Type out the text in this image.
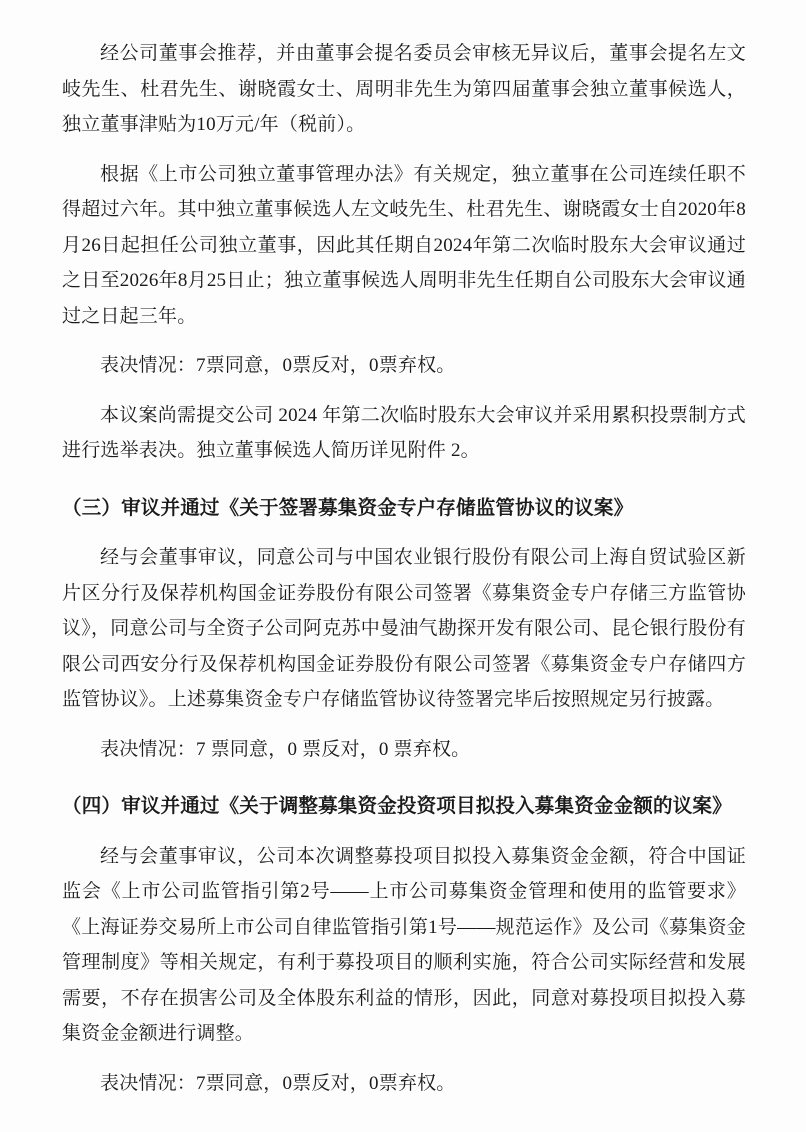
经公司董事会推荐，并由董事会提名委员会审核无异议后，董事会提名左文岐先生、杜君先生、谢晓霞女士、周明非先生为第四届董事会独立董事候选人，独立董事津贴为10万元/年（税前）。

根据《上市公司独立董事管理办法》有关规定，独立董事在公司连续任职不得超过六年。其中独立董事候选人左文岐先生、杜君先生、谢晓霞女士自2020年8月26日起担任公司独立董事，因此其任期自2024年第二次临时股东大会审议通过之日至2026年8月25日止；独立董事候选人周明非先生任期自公司股东大会审议通过之日起三年。

表决情况：7票同意，0票反对，0票弃权。

本议案尚需提交公司 2024 年第二次临时股东大会审议并采用累积投票制方式进行选举表决。独立董事候选人简历详见附件 2。

（三）审议并通过《关于签署募集资金专户存储监管协议的议案》

经与会董事审议，同意公司与中国农业银行股份有限公司上海自贸试验区新片区分行及保荐机构国金证券股份有限公司签署《募集资金专户存储三方监管协议》，同意公司与全资子公司阿克苏中曼油气勘探开发有限公司、昆仑银行股份有限公司西安分行及保荐机构国金证券股份有限公司签署《募集资金专户存储四方监管协议》。上述募集资金专户存储监管协议待签署完毕后按照规定另行披露。

表决情况：7 票同意，0 票反对，0 票弃权。

（四）审议并通过《关于调整募集资金投资项目拟投入募集资金金额的议案》

经与会董事审议，公司本次调整募投项目拟投入募集资金金额，符合中国证监会《上市公司监管指引第2号——上市公司募集资金管理和使用的监管要求》《上海证券交易所上市公司自律监管指引第1号——规范运作》及公司《募集资金管理制度》等相关规定，有利于募投项目的顺利实施，符合公司实际经营和发展需要，不存在损害公司及全体股东利益的情形，因此，同意对募投项目拟投入募集资金金额进行调整。

表决情况：7票同意，0票反对，0票弃权。
